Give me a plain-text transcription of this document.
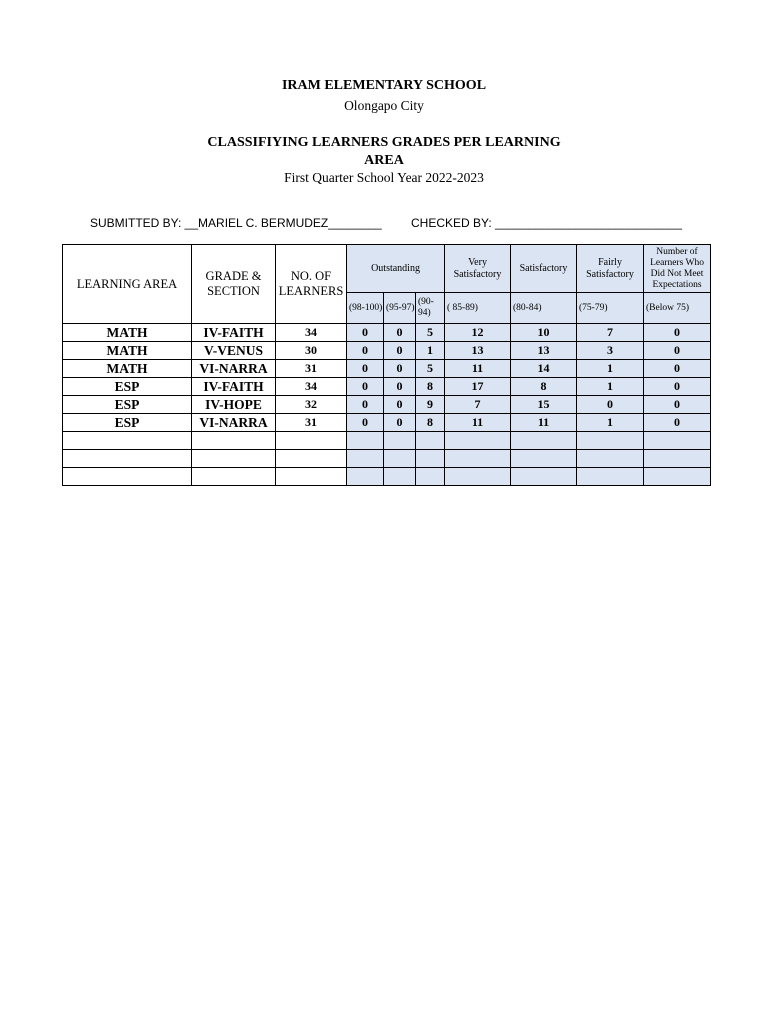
IRAM ELEMENTARY SCHOOL
Olongapo City
CLASSIFIYING LEARNERS GRADES PER LEARNING
AREA
First Quarter School Year 2022-2023
SUBMITTED BY: __MARIEL C. BERMUDEZ________ CHECKED BY: ____________________________
LEARNING AREA	GRADE & SECTION	NO. OF LEARNERS	Outstanding			Very Satisfactory	Satisfactory	Fairly Satisfactory	Number of Learners Who Did Not Meet Expectations
			(98-100)	(95-97)	(90-94)	( 85-89)	(80-84)	(75-79)	(Below 75)
MATH	IV-FAITH	34	0	0	5	12	10	7	0
MATH	V-VENUS	30	0	0	1	13	13	3	0
MATH	VI-NARRA	31	0	0	5	11	14	1	0
ESP	IV-FAITH	34	0	0	8	17	8	1	0
ESP	IV-HOPE	32	0	0	9	7	15	0	0
ESP	VI-NARRA	31	0	0	8	11	11	1	0
